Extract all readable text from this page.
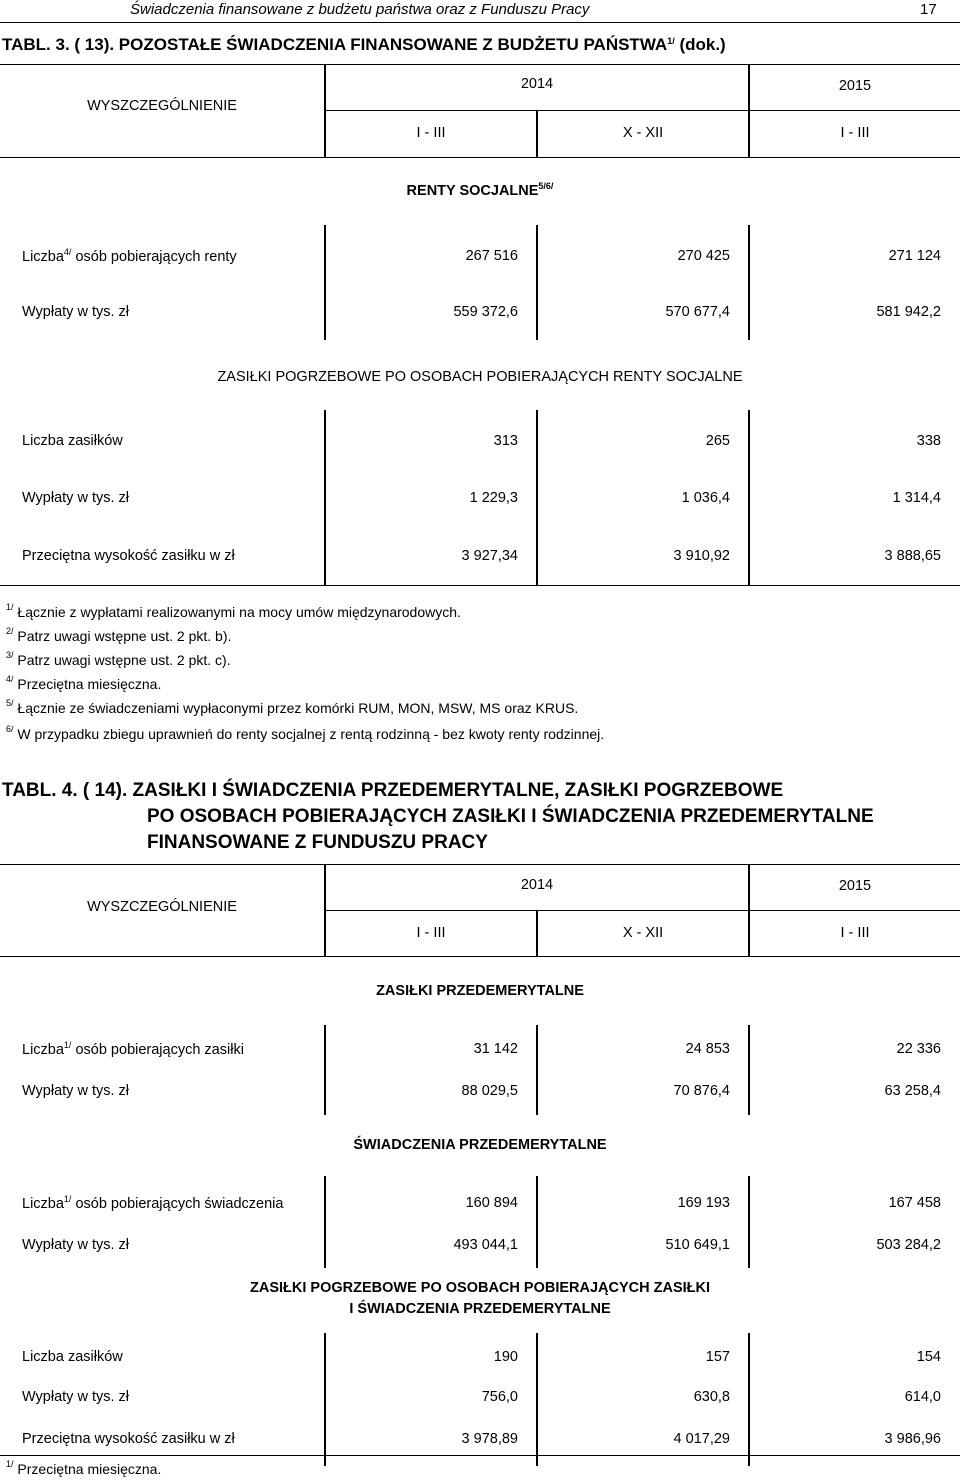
Świadczenia finansowane z budżetu państwa oraz z Funduszu Pracy	17
TABL. 3. ( 13). POZOSTAŁE ŚWIADCZENIA FINANSOWANE Z BUDŻETU $PAŃSTWA^{1/}$ (dok.)
WYSZCZEGÓLNIENIE
2014	2015
I - III	X - XII	I - III
RENTY $SOCJALNE^{5/6/}$
Liczba$^{4/}$ osób pobierających renty	267 516	270 425	271 124
Wypłaty w tys. zł	559 372,6	570 677,4	581 942,2
ZASIŁKI POGRZEBOWE PO OSOBACH POBIERAJĄCYCH RENTY SOCJALNE
Liczba zasiłków	313	265	338
Wypłaty w tys. zł	1 229,3	1 036,4	1 314,4
Przeciętna wysokość zasiłku w zł	3 927,34	3 910,92	3 888,65
$^{1/}$ Łącznie z wypłatami realizowanymi na mocy umów międzynarodowych.
$^{2/}$ Patrz uwagi wstępne ust. 2 pkt. b).
$^{3/}$ Patrz uwagi wstępne ust. 2 pkt. c).
$^{4/}$ Przeciętna miesięczna.
$^{5/}$ Łącznie ze świadczeniami wypłaconymi przez komórki RUM, MON, MSW, MS oraz KRUS.
$^{6/}$ W przypadku zbiegu uprawnień do renty socjalnej z rentą rodzinną - bez kwoty renty rodzinnej.
TABL. 4. ( 14). ZASIŁKI I ŚWIADCZENIA PRZEDEMERYTALNE, ZASIŁKI POGRZEBOWE
PO OSOBACH POBIERAJĄCYCH ZASIŁKI I ŚWIADCZENIA PRZEDEMERYTALNE
FINANSOWANE Z FUNDUSZU PRACY
WYSZCZEGÓLNIENIE
2014	2015
I - III	X - XII	I - III
ZASIŁKI PRZEDEMERYTALNE
Liczba$^{1/}$ osób pobierających zasiłki	31 142	24 853	22 336
Wypłaty w tys. zł	88 029,5	70 876,4	63 258,4
ŚWIADCZENIA PRZEDEMERYTALNE
Liczba$^{1/}$ osób pobierających świadczenia	160 894	169 193	167 458
Wypłaty w tys. zł	493 044,1	510 649,1	503 284,2
ZASIŁKI POGRZEBOWE PO OSOBACH POBIERAJĄCYCH ZASIŁKI
I ŚWIADCZENIA PRZEDEMERYTALNE
Liczba zasiłków	190	157	154
Wypłaty w tys. zł	756,0	630,8	614,0
Przeciętna wysokość zasiłku w zł	3 978,89	4 017,29	3 986,96
$^{1/}$ Przeciętna miesięczna.
